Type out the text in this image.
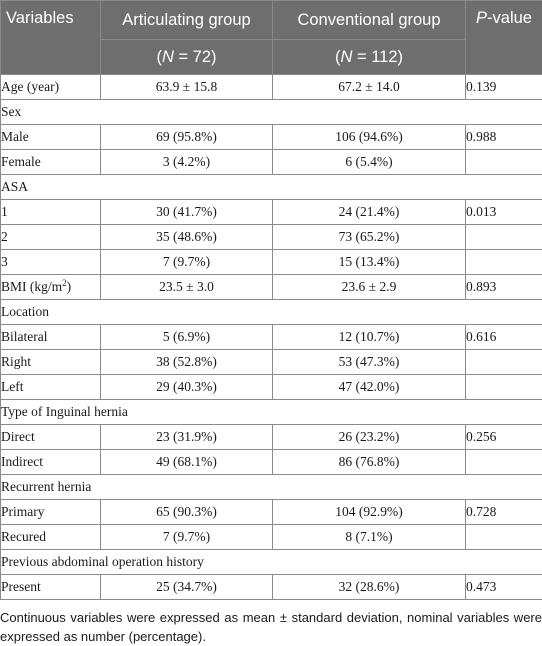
Variables	Articulating group	Conventional group	P-value
	(N = 72)	(N = 112)	
Age (year)	63.9 ± 15.8	67.2 ± 14.0	0.139
Sex			
Male	69 (95.8%)	106 (94.6%)	0.988
Female	3 (4.2%)	6 (5.4%)	
ASA			
1	30 (41.7%)	24 (21.4%)	0.013
2	35 (48.6%)	73 (65.2%)	
3	7 (9.7%)	15 (13.4%)	
BMI $(kg/m^2)$	23.5 ± 3.0	23.6 ± 2.9	0.893
Location			
Bilateral	5 (6.9%)	12 (10.7%)	0.616
Right	38 (52.8%)	53 (47.3%)	
Left	29 (40.3%)	47 (42.0%)	
Type of Inguinal hernia			
Direct	23 (31.9%)	26 (23.2%)	0.256
Indirect	49 (68.1%)	86 (76.8%)	
Recurrent hernia			
Primary	65 (90.3%)	104 (92.9%)	0.728
Recured	7 (9.7%)	8 (7.1%)	
Previous abdominal operation history			
Present	25 (34.7%)	32 (28.6%)	0.473
Continuous variables were expressed as mean ± standard deviation, nominal variables were expressed as number (percentage).
